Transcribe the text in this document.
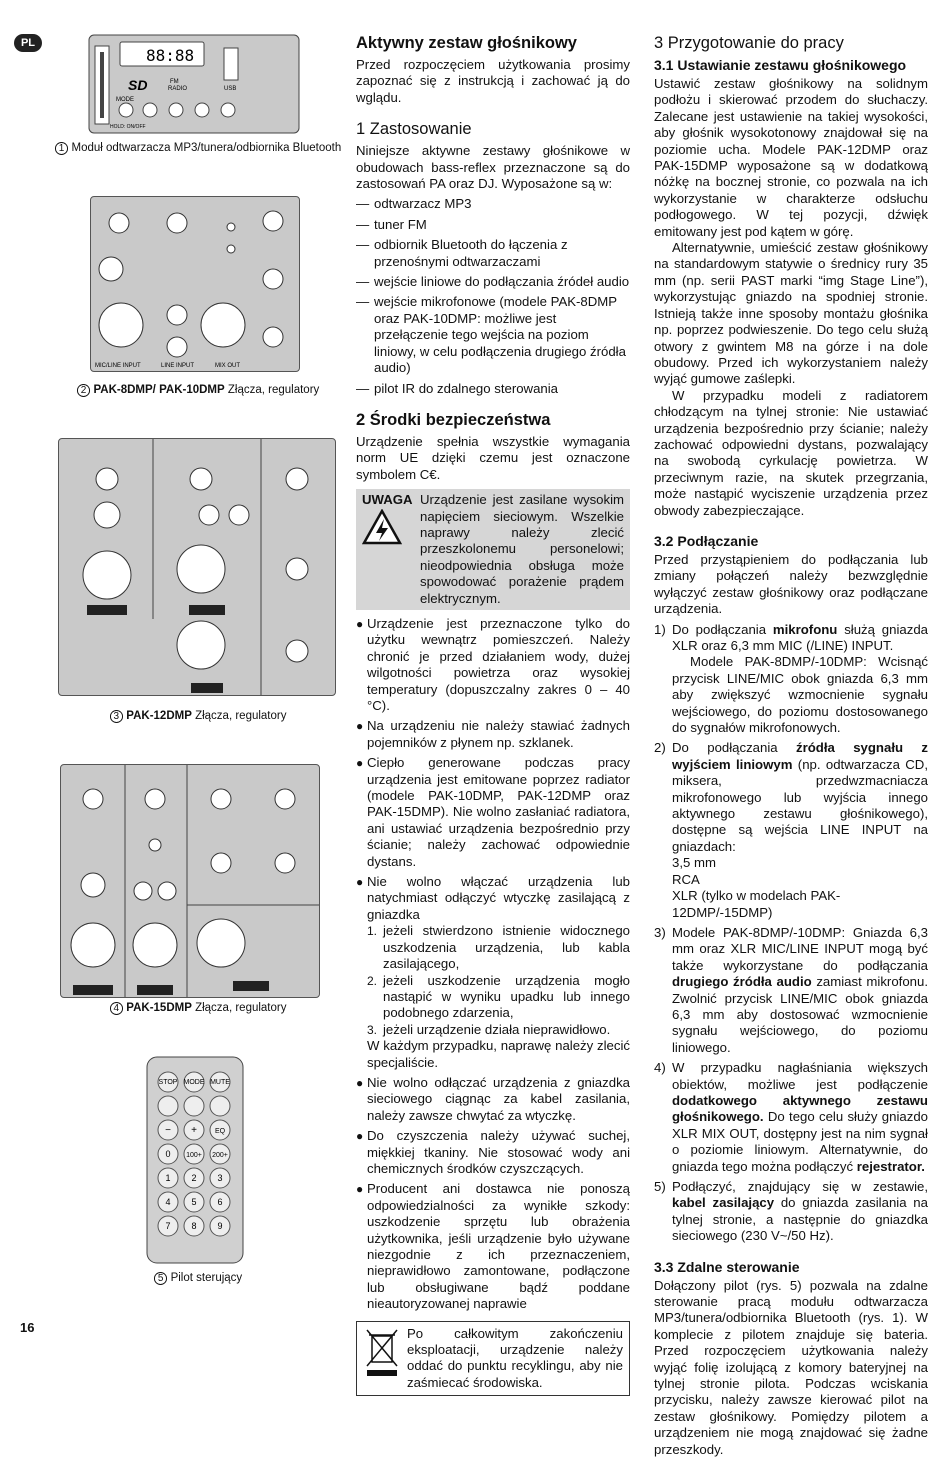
PL
88:88
SD	FM
RADIO	USB
MODE
HOLD: ON/OFF
1 Moduł odtwarzacza MP3/tunera/odbiornika Bluetooth
MIC/LINE INPUT	LINE INPUT	MIX OUT
2 PAK-8DMP/ PAK-10DMP Złącza, regulatory
3 PAK-12DMP Złącza, regulatory
4 PAK-15DMP Złącza, regulatory
STOP MODE MUTE
− +	EQ
0 100+ 200+
1 2 3
4 5 6
7 8 9
5 Pilot sterujący
Aktywny zestaw głośnikowy

Przed rozpoczęciem użytkowania prosimy zapoznać się z instrukcją i zachować ją do wglądu.

1 Zastosowanie

Niniejsze aktywne zestawy głośnikowe w obudowach bass-reflex przeznaczone są do zastosowań PA oraz DJ. Wyposażone są w:

— odtwarzacz MP3
— tuner FM
— odbiornik Bluetooth do łączenia z przenośnymi odtwarzaczami
— wejście liniowe do podłączania źródeł audio
— wejście mikrofonowe (modele PAK-8DMP oraz PAK-10DMP: możliwe jest przełączenie tego wejścia na poziom liniowy, w celu podłączenia drugiego źródła audio)
— pilot IR do zdalnego sterowania
2 Środki bezpieczeństwa

Urządzenie spełnia wszystkie wymagania norm UE dzięki czemu jest oznaczone symbolem C€.

UWAGA Urządzenie jest zasilane wysokim napięciem sieciowym. Wszelkie naprawy należy zlecić przeszkolonemu personelowi; nieodpowiednia obsługa może spowodować porażenie prądem elektrycznym.

● Urządzenie jest przeznaczone tylko do użytku wewnątrz pomieszczeń. Należy chronić je przed działaniem wody, dużej wilgotności powietrza oraz wysokiej temperatury (dopuszczalny zakres 0 – 40 °C).

● Na urządzeniu nie należy stawiać żadnych pojemników z płynem np. szklanek.

● Ciepło generowane podczas pracy urządzenia jest emitowane poprzez radiator (modele PAK-10DMP, PAK-12DMP oraz PAK-15DMP). Nie wolno zasłaniać radiatora, ani ustawiać urządzenia bezpośrednio przy ścianie; należy zachować odpowiednie dystans.

● Nie wolno włączać urządzenia lub natychmiast odłączyć wtyczkę zasilającą z gniazdka

1. jeżeli stwierdzono istnienie widocznego uszkodzenia urządzenia, lub kabla zasilającego,

2. jeżeli uszkodzenie urządzenia mogło nastąpić w wyniku upadku lub innego podobnego zdarzenia,

3. jeżeli urządzenie działa nieprawidłowo.

W każdym przypadku, naprawę należy zlecić specjaliście.

● Nie wolno odłączać urządzenia z gniazdka sieciowego ciągnąc za kabel zasilania, należy zawsze chwytać za wtyczkę.

● Do czyszczenia należy używać suchej, miękkiej tkaniny. Nie stosować wody ani chemicznych środków czyszczących.

● Producent ani dostawca nie ponoszą odpowiedzialności za wynikłe szkody: uszkodzenie sprzętu lub obrażenia użytkownika, jeśli urządzenie było używane niezgodnie z ich przeznaczeniem, nieprawidłowo zamontowane, podłączone lub obsługiwane bądź poddane nieautoryzowanej naprawie

Po całkowitym zakończeniu eksploatacji, urządzenie należy oddać do punktu recyklingu, aby nie zaśmiecać środowiska.

3 Przygotowanie do pracy
3.1 Ustawianie zestawu głośnikowego

Ustawić zestaw głośnikowy na solidnym podłożu i skierować przodem do słuchaczy. Zalecane jest ustawienie na takiej wysokości, aby głośnik wysokotonowy znajdował się na poziomie ucha. Modele PAK-12DMP oraz PAK-15DMP wyposażone są w dodatkową nóżkę na bocznej stronie, co pozwala na ich wykorzystanie w charakterze odsłuchu podłogowego. W tej pozycji, dźwięk emitowany jest pod kątem w górę.

Alternatywnie, umieścić zestaw głośnikowy na standardowym statywie o średnicy rury 35 mm (np. serii PAST marki “img Stage Line”), wykorzystując gniazdo na spodniej stronie. Istnieją także inne sposoby montażu głośnika np. poprzez podwieszenie. Do tego celu służą otwory z gwintem M8 na górze i na dole obudowy. Przed ich wykorzystaniem należy wyjąć gumowe zaślepki.

W przypadku modeli z radiatorem chłodzącym na tylnej stronie: Nie ustawiać urządzenia bezpośrednio przy ścianie; należy zachować odpowiedni dystans, pozwalający na swobodą cyrkulację powietrza. W przeciwnym razie, na skutek przegrzania, może nastąpić wyciszenie urządzenia przez obwody zabezpieczające.

3.2 Podłączanie

Przed przystąpieniem do podłączania lub zmiany połączeń należy bezwzględnie wyłączyć zestaw głośnikowy oraz podłączane urządzenia.

1) Do podłączania mikrofonu służą gniazda XLR oraz 6,3 mm MIC (/LINE) INPUT.

Modele PAK-8DMP/-10DMP: Wcisnąć przycisk LINE/MIC obok gniazda 6,3 mm aby zwiększyć wzmocnienie sygnału wejściowego, do poziomu dostosowanego do sygnałów mikrofonowych.

2) Do podłączania źródła sygnału z wyjściem liniowym (np. odtwarzacza CD, miksera, przedwzmacniacza mikrofonowego lub wyjścia innego aktywnego zestawu głośnikowego), dostępne są wejścia LINE INPUT na gniazdach:

3,5 mm
RCA
XLR (tylko w modelach PAK-12DMP/-15DMP)
3) Modele PAK-8DMP/-10DMP: Gniazda 6,3 mm oraz XLR MIC/LINE INPUT mogą być także wykorzystane do podłączania drugiego źródła audio zamiast mikrofonu. Zwolnić przycisk LINE/MIC obok gniazda 6,3 mm aby dostosować wzmocnienie sygnału wejściowego, do poziomu liniowego.

4) W przypadku nagłaśniania większych obiektów, możliwe jest podłączenie dodatkowego aktywnego zestawu głośnikowego. Do tego celu służy gniazdo XLR MIX OUT, dostępny jest na nim sygnał o poziomie liniowym. Alternatywnie, do gniazda tego można podłączyć rejestrator.

5) Podłączyć, znajdujący się w zestawie, kabel zasilający do gniazda zasilania na tylnej stronie, a następnie do gniazdka sieciowego (230 V~/50 Hz).

3.3 Zdalne sterowanie

Dołączony pilot (rys. 5) pozwala na zdalne sterowanie pracą modułu odtwarzacza MP3/tunera/odbiornika Bluetooth (rys. 1). W komplecie z pilotem znajduje się bateria. Przed rozpoczęciem użytkowania należy wyjąć folię izolującą z komory bateryjnej na tylnej stronie pilota. Podczas wciskania przycisku, należy zawsze kierować pilot na zestaw głośnikowy. Pomiędzy pilotem a urządzeniem nie mogą znajdować się żadne przeszkody.

16
